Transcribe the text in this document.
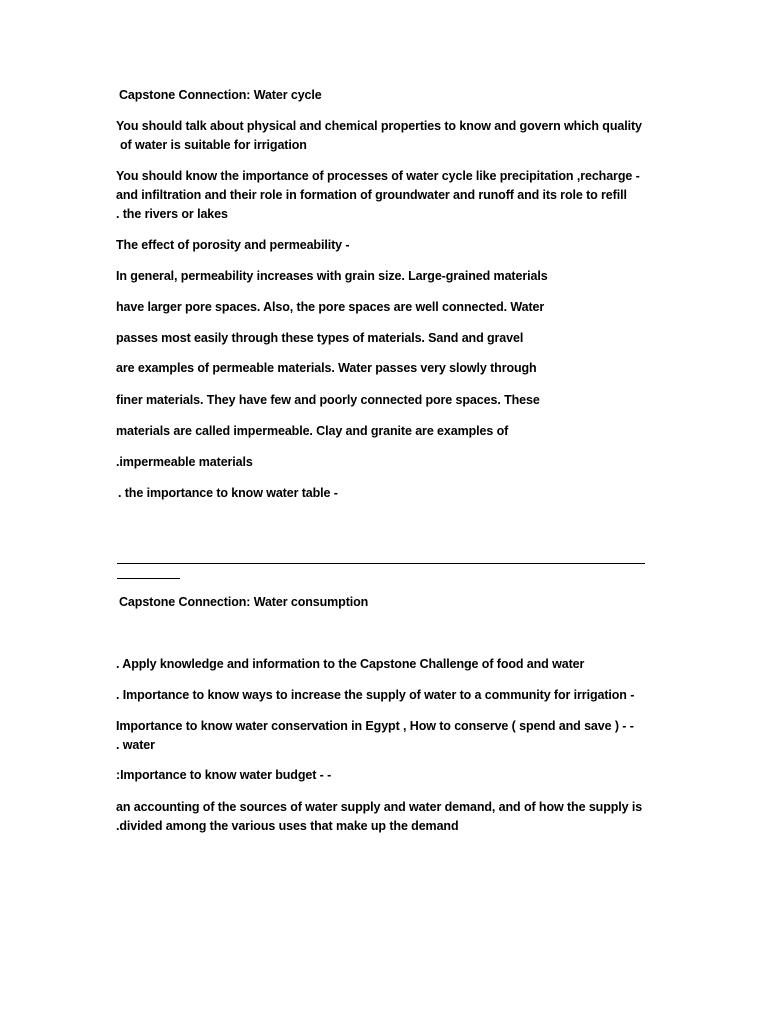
Capstone Connection: Water cycle
You should talk about physical and chemical properties to know and govern which quality
of water is suitable for irrigation
You should know the importance of processes of water cycle like precipitation ,recharge -
and infiltration and their role in formation of groundwater and runoff and its role to refill
. the rivers or lakes
The effect of porosity and permeability -
In general, permeability increases with grain size. Large-grained materials
have larger pore spaces. Also, the pore spaces are well connected. Water
passes most easily through these types of materials. Sand and gravel
are examples of permeable materials. Water passes very slowly through
finer materials. They have few and poorly connected pore spaces. These
materials are called impermeable. Clay and granite are examples of
.impermeable materials
. the importance to know water table -
Capstone Connection: Water consumption
. Apply knowledge and information to the Capstone Challenge of food and water
. Importance to know ways to increase the supply of water to a community for irrigation -
Importance to know water conservation in Egypt , How to conserve ( spend and save ) - -
. water
:Importance to know water budget - -
an accounting of the sources of water supply and water demand, and of how the supply is
.divided among the various uses that make up the demand
